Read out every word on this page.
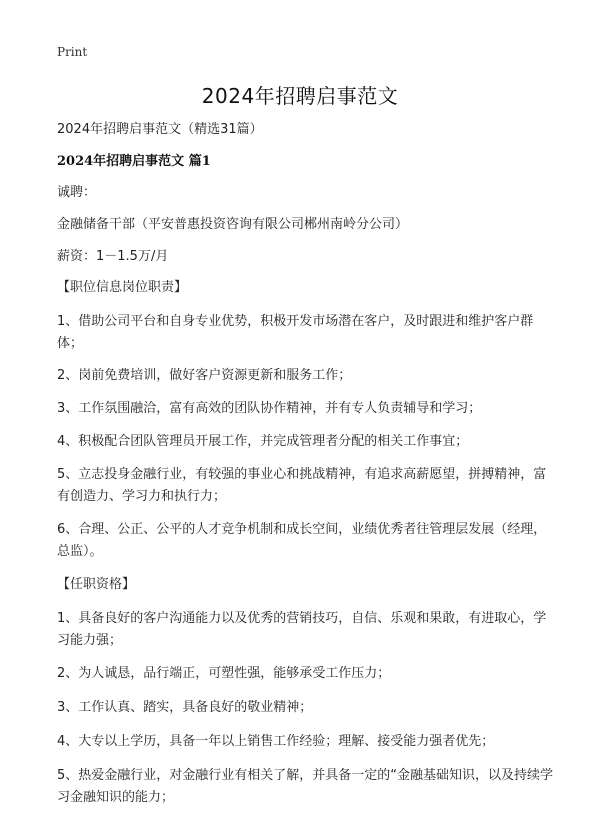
Print
2024年招聘启事范文

2024年招聘启事范文（精选31篇）

2024年招聘启事范文 篇1

诚聘：

金融储备干部（平安普惠投资咨询有限公司郴州南岭分公司）

薪资：1－1.5万/月

【职位信息岗位职责】

1、借助公司平台和自身专业优势，积极开发市场潜在客户，及时跟进和维护客户群体；

2、岗前免费培训，做好客户资源更新和服务工作；

3、工作氛围融洽，富有高效的团队协作精神，并有专人负责辅导和学习；

4、积极配合团队管理员开展工作，并完成管理者分配的相关工作事宜；

5、立志投身金融行业，有较强的事业心和挑战精神，有追求高薪愿望，拼搏精神，富有创造力、学习力和执行力；

6、合理、公正、公平的人才竞争机制和成长空间，业绩优秀者往管理层发展（经理，总监）。

【任职资格】

1、具备良好的客户沟通能力以及优秀的营销技巧，自信、乐观和果敢，有进取心，学习能力强；

2、为人诚恳，品行端正，可塑性强，能够承受工作压力；

3、工作认真、踏实，具备良好的敬业精神；

4、大专以上学历，具备一年以上销售工作经验；理解、接受能力强者优先；

5、热爱金融行业，对金融行业有相关了解，并具备一定的“金融基础知识，以及持续学习金融知识的能力；
